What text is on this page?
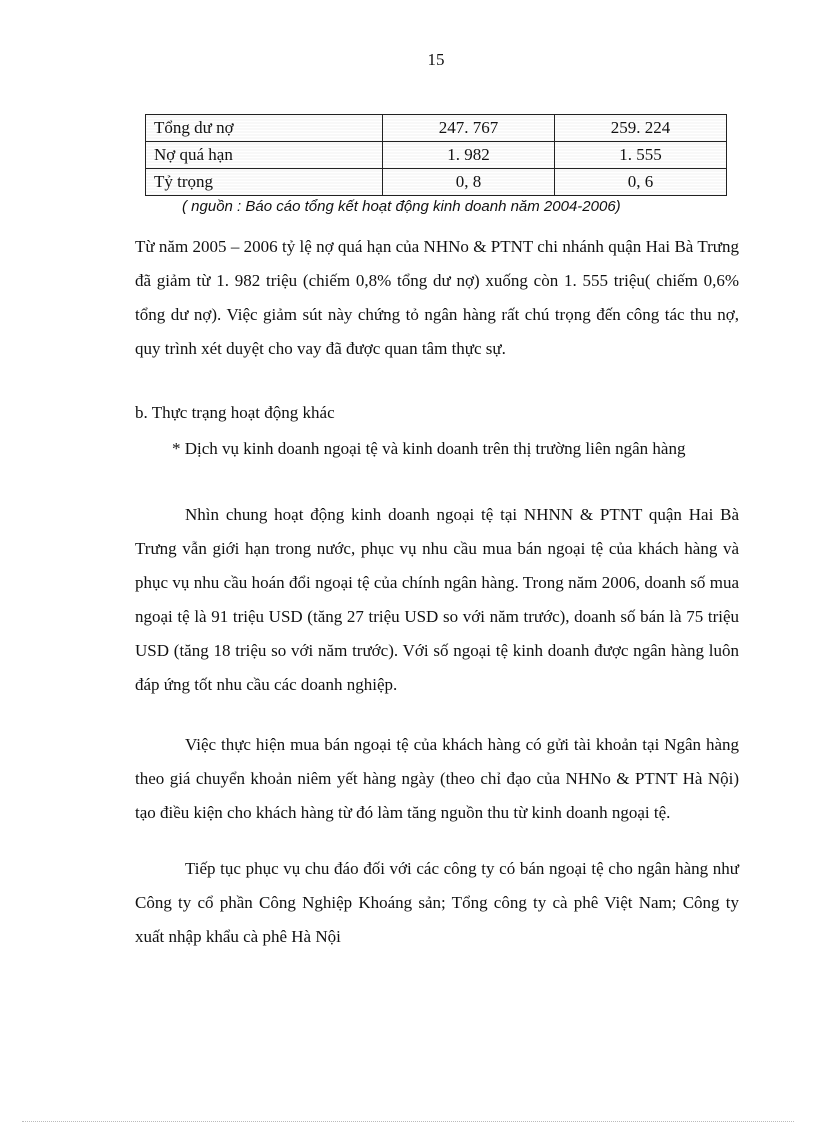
15
Tổng dư nợ	247. 767	259. 224
Nợ quá hạn	1. 982	1. 555
Tỷ trọng	0, 8	0, 6
( nguồn : Báo cáo tổng kết hoạt động kinh doanh năm 2004-2006)

Từ năm 2005 – 2006 tỷ lệ nợ quá hạn của NHNo & PTNT chi nhánh quận Hai Bà Trưng đã giảm từ 1. 982 triệu (chiếm 0,8% tổng dư nợ) xuống còn 1. 555 triệu( chiếm 0,6% tổng dư nợ). Việc giảm sút này chứng tỏ ngân hàng rất chú trọng đến công tác thu nợ, quy trình xét duyệt cho vay đã được quan tâm thực sự.

b. Thực trạng hoạt động khác

* Dịch vụ kinh doanh ngoại tệ và kinh doanh trên thị trường liên ngân hàng

Nhìn chung hoạt động kinh doanh ngoại tệ tại NHNN & PTNT quận Hai Bà Trưng vẫn giới hạn trong nước, phục vụ nhu cầu mua bán ngoại tệ của khách hàng và phục vụ nhu cầu hoán đổi ngoại tệ của chính ngân hàng. Trong năm 2006, doanh số mua ngoại tệ là 91 triệu USD (tăng 27 triệu USD so với năm trước), doanh số bán là 75 triệu USD (tăng 18 triệu so với năm trước). Với số ngoại tệ kinh doanh được ngân hàng luôn đáp ứng tốt nhu cầu các doanh nghiệp.

Việc thực hiện mua bán ngoại tệ của khách hàng có gửi tài khoản tại Ngân hàng theo giá chuyển khoản niêm yết hàng ngày (theo chỉ đạo của NHNo & PTNT Hà Nội) tạo điều kiện cho khách hàng từ đó làm tăng nguồn thu từ kinh doanh ngoại tệ.

Tiếp tục phục vụ chu đáo đối với các công ty có bán ngoại tệ cho ngân hàng như Công ty cổ phần Công Nghiệp Khoáng sản; Tổng công ty cà phê Việt Nam; Công ty xuất nhập khẩu cà phê Hà Nội
